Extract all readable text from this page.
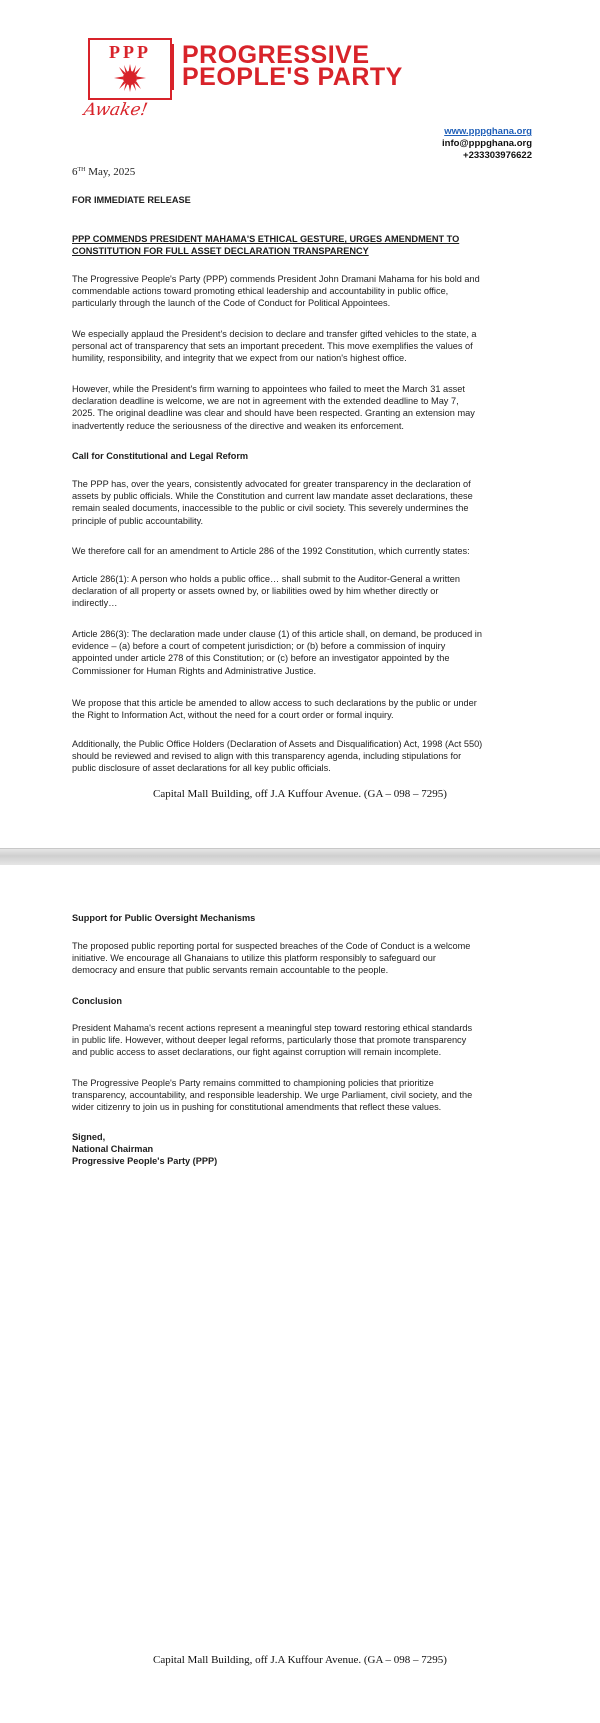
PPP
Awake!
PROGRESSIVE
PEOPLE'S PARTY
www.pppghana.org
info@pppghana.org
+233303976622
6TH May, 2025
FOR IMMEDIATE RELEASE
PPP COMMENDS PRESIDENT MAHAMA'S ETHICAL GESTURE, URGES AMENDMENT TO
CONSTITUTION FOR FULL ASSET DECLARATION TRANSPARENCY
The Progressive People's Party (PPP) commends President John Dramani Mahama for his bold and
commendable actions toward promoting ethical leadership and accountability in public office,
particularly through the launch of the Code of Conduct for Political Appointees.
We especially applaud the President's decision to declare and transfer gifted vehicles to the state, a
personal act of transparency that sets an important precedent. This move exemplifies the values of
humility, responsibility, and integrity that we expect from our nation's highest office.
However, while the President's firm warning to appointees who failed to meet the March 31 asset
declaration deadline is welcome, we are not in agreement with the extended deadline to May 7,
2025. The original deadline was clear and should have been respected. Granting an extension may
inadvertently reduce the seriousness of the directive and weaken its enforcement.
Call for Constitutional and Legal Reform
The PPP has, over the years, consistently advocated for greater transparency in the declaration of
assets by public officials. While the Constitution and current law mandate asset declarations, these
remain sealed documents, inaccessible to the public or civil society. This severely undermines the
principle of public accountability.
We therefore call for an amendment to Article 286 of the 1992 Constitution, which currently states:
Article 286(1): A person who holds a public office… shall submit to the Auditor-General a written
declaration of all property or assets owned by, or liabilities owed by him whether directly or
indirectly…
Article 286(3): The declaration made under clause (1) of this article shall, on demand, be produced in
evidence – (a) before a court of competent jurisdiction; or (b) before a commission of inquiry
appointed under article 278 of this Constitution; or (c) before an investigator appointed by the
Commissioner for Human Rights and Administrative Justice.
We propose that this article be amended to allow access to such declarations by the public or under
the Right to Information Act, without the need for a court order or formal inquiry.
Additionally, the Public Office Holders (Declaration of Assets and Disqualification) Act, 1998 (Act 550)
should be reviewed and revised to align with this transparency agenda, including stipulations for
public disclosure of asset declarations for all key public officials.
Capital Mall Building, off J.A Kuffour Avenue. (GA – 098 – 7295)
Support for Public Oversight Mechanisms
The proposed public reporting portal for suspected breaches of the Code of Conduct is a welcome
initiative. We encourage all Ghanaians to utilize this platform responsibly to safeguard our
democracy and ensure that public servants remain accountable to the people.
Conclusion
President Mahama's recent actions represent a meaningful step toward restoring ethical standards
in public life. However, without deeper legal reforms, particularly those that promote transparency
and public access to asset declarations, our fight against corruption will remain incomplete.
The Progressive People's Party remains committed to championing policies that prioritize
transparency, accountability, and responsible leadership. We urge Parliament, civil society, and the
wider citizenry to join us in pushing for constitutional amendments that reflect these values.
Signed,
National Chairman
Progressive People's Party (PPP)
Capital Mall Building, off J.A Kuffour Avenue. (GA – 098 – 7295)
